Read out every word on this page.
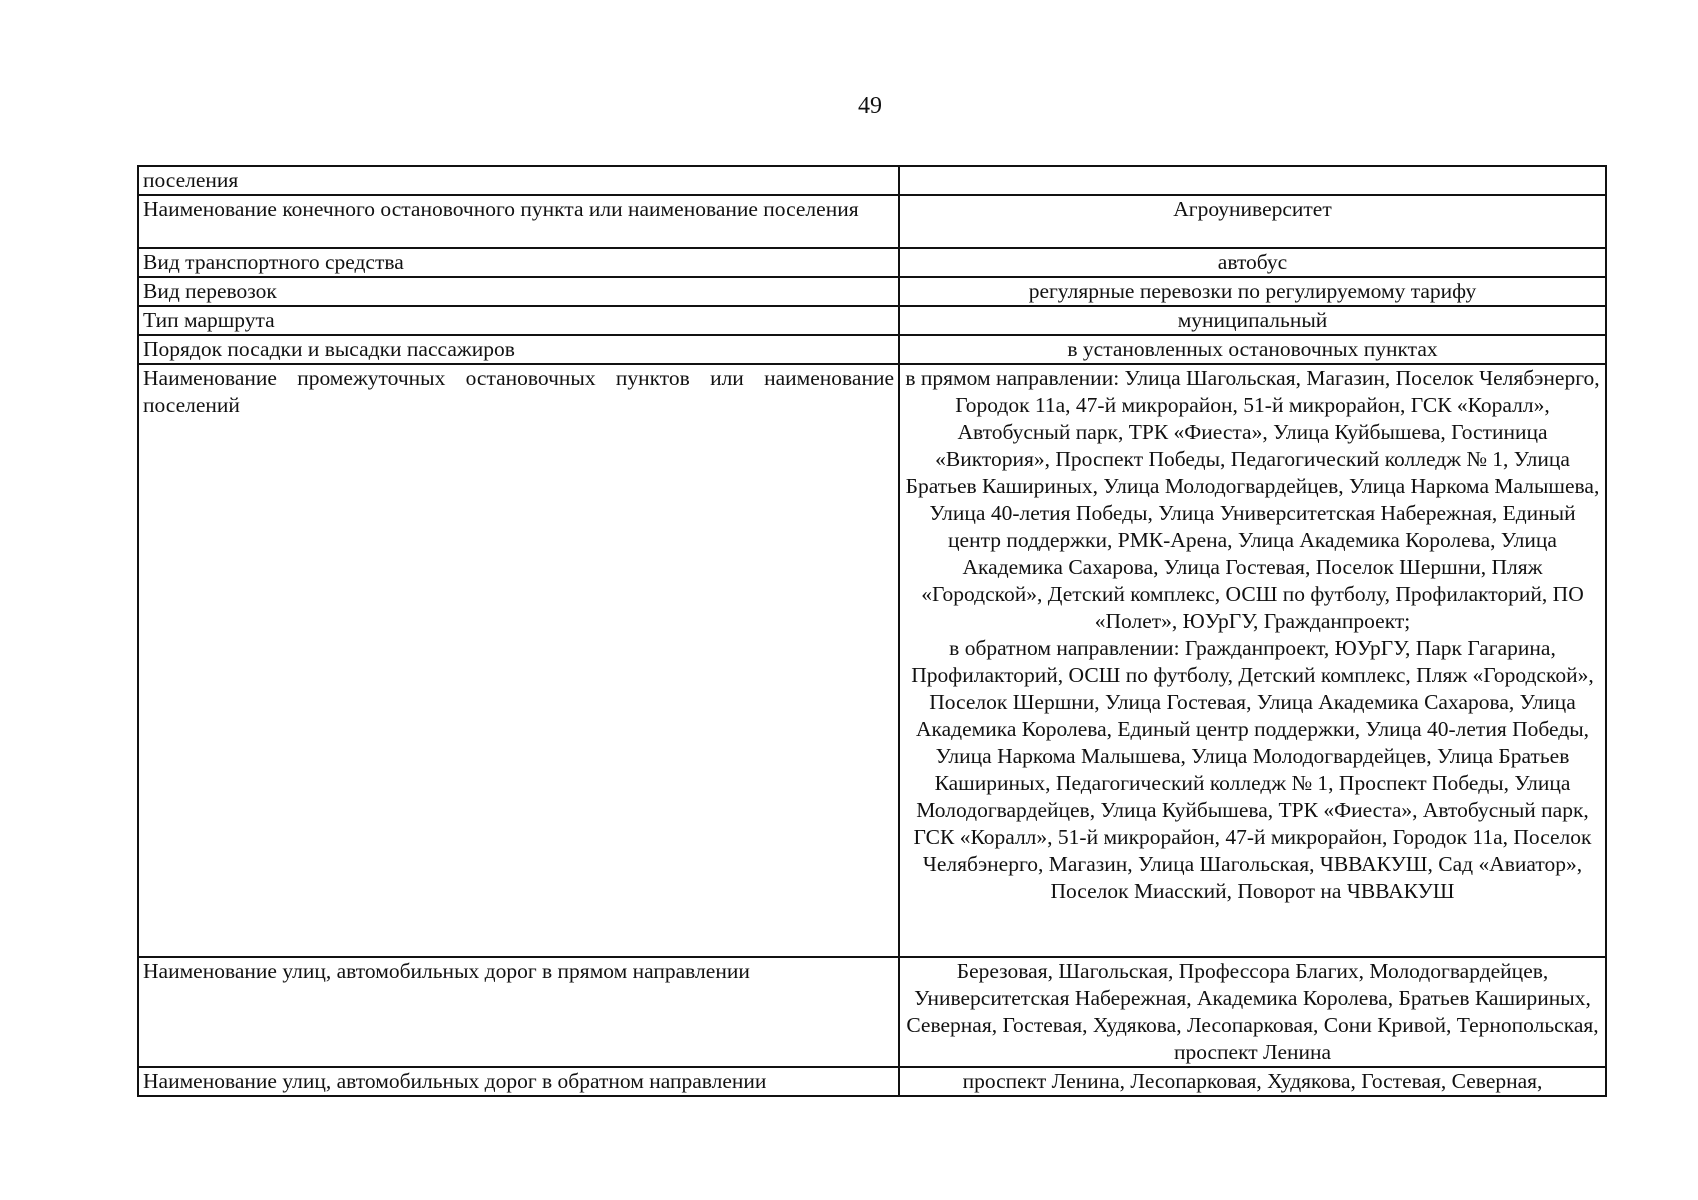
49
поселения	
Наименование конечного остановочного пункта или наименование поселения	Агроуниверситет
Вид транспортного средства	автобус
Вид перевозок	регулярные перевозки по регулируемому тарифу
Тип маршрута	муниципальный
Порядок посадки и высадки пассажиров	в установленных остановочных пунктах
Наименование промежуточных остановочных пунктов или наименование поселений	в прямом направлении: Улица Шагольская, Магазин, Поселок Челябэнерго, Городок 11а, 47-й микрорайон, 51-й микрорайон, ГСК «Коралл», Автобусный парк, ТРК «Фиеста», Улица Куйбышева, Гостиница «Виктория», Проспект Победы, Педагогический колледж № 1, Улица Братьев Кашириных, Улица Молодогвардейцев, Улица Наркома Малышева, Улица 40-летия Победы, Улица Университетская Набережная, Единый центр поддержки, РМК-Арена, Улица Академика Королева, Улица Академика Сахарова, Улица Гостевая, Поселок Шершни, Пляж «Городской», Детский комплекс, ОСШ по футболу, Профилакторий, ПО «Полет», ЮУрГУ, Гражданпроект;
в обратном направлении: Гражданпроект, ЮУрГУ, Парк Гагарина, Профилакторий, ОСШ по футболу, Детский комплекс, Пляж «Городской», Поселок Шершни, Улица Гостевая, Улица Академика Сахарова, Улица Академика Королева, Единый центр поддержки, Улица 40-летия Победы, Улица Наркома Малышева, Улица Молодогвардейцев, Улица Братьев Кашириных, Педагогический колледж № 1, Проспект Победы, Улица Молодогвардейцев, Улица Куйбышева, ТРК «Фиеста», Автобусный парк, ГСК «Коралл», 51-й микрорайон, 47-й микрорайон, Городок 11а, Поселок Челябэнерго, Магазин, Улица Шагольская, ЧВВАКУШ, Сад «Авиатор», Поселок Миасский, Поворот на ЧВВАКУШ

Наименование улиц, автомобильных дорог в прямом направлении	Березовая, Шагольская, Профессора Благих, Молодогвардейцев, Университетская Набережная, Академика Королева, Братьев Кашириных, Северная, Гостевая, Худякова, Лесопарковая, Сони Кривой, Тернопольская, проспект Ленина
Наименование улиц, автомобильных дорог в обратном направлении	проспект Ленина, Лесопарковая, Худякова, Гостевая, Северная,
